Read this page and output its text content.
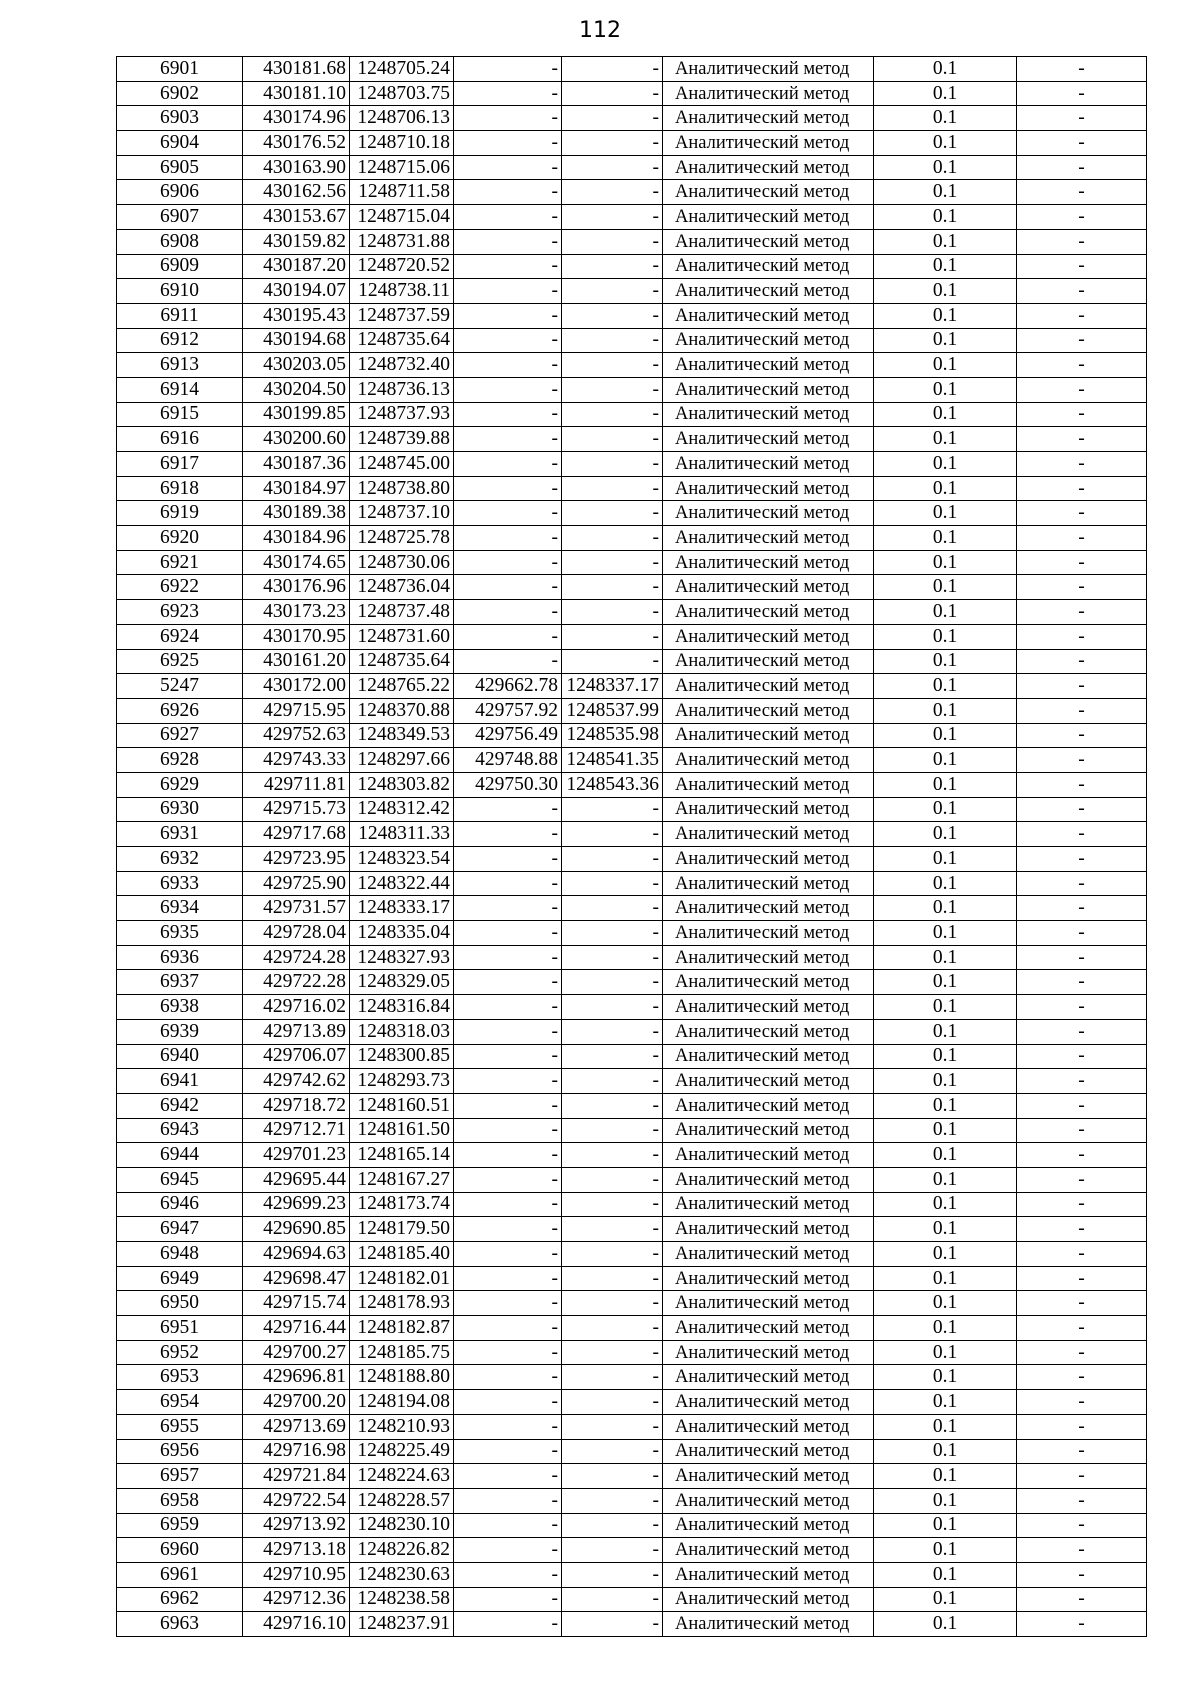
112
6901	430181.68	1248705.24	-	-	Аналитический метод	0.1	-
6902	430181.10	1248703.75	-	-	Аналитический метод	0.1	-
6903	430174.96	1248706.13	-	-	Аналитический метод	0.1	-
6904	430176.52	1248710.18	-	-	Аналитический метод	0.1	-
6905	430163.90	1248715.06	-	-	Аналитический метод	0.1	-
6906	430162.56	1248711.58	-	-	Аналитический метод	0.1	-
6907	430153.67	1248715.04	-	-	Аналитический метод	0.1	-
6908	430159.82	1248731.88	-	-	Аналитический метод	0.1	-
6909	430187.20	1248720.52	-	-	Аналитический метод	0.1	-
6910	430194.07	1248738.11	-	-	Аналитический метод	0.1	-
6911	430195.43	1248737.59	-	-	Аналитический метод	0.1	-
6912	430194.68	1248735.64	-	-	Аналитический метод	0.1	-
6913	430203.05	1248732.40	-	-	Аналитический метод	0.1	-
6914	430204.50	1248736.13	-	-	Аналитический метод	0.1	-
6915	430199.85	1248737.93	-	-	Аналитический метод	0.1	-
6916	430200.60	1248739.88	-	-	Аналитический метод	0.1	-
6917	430187.36	1248745.00	-	-	Аналитический метод	0.1	-
6918	430184.97	1248738.80	-	-	Аналитический метод	0.1	-
6919	430189.38	1248737.10	-	-	Аналитический метод	0.1	-
6920	430184.96	1248725.78	-	-	Аналитический метод	0.1	-
6921	430174.65	1248730.06	-	-	Аналитический метод	0.1	-
6922	430176.96	1248736.04	-	-	Аналитический метод	0.1	-
6923	430173.23	1248737.48	-	-	Аналитический метод	0.1	-
6924	430170.95	1248731.60	-	-	Аналитический метод	0.1	-
6925	430161.20	1248735.64	-	-	Аналитический метод	0.1	-
5247	430172.00	1248765.22	429662.78	1248337.17	Аналитический метод	0.1	-
6926	429715.95	1248370.88	429757.92	1248537.99	Аналитический метод	0.1	-
6927	429752.63	1248349.53	429756.49	1248535.98	Аналитический метод	0.1	-
6928	429743.33	1248297.66	429748.88	1248541.35	Аналитический метод	0.1	-
6929	429711.81	1248303.82	429750.30	1248543.36	Аналитический метод	0.1	-
6930	429715.73	1248312.42	-	-	Аналитический метод	0.1	-
6931	429717.68	1248311.33	-	-	Аналитический метод	0.1	-
6932	429723.95	1248323.54	-	-	Аналитический метод	0.1	-
6933	429725.90	1248322.44	-	-	Аналитический метод	0.1	-
6934	429731.57	1248333.17	-	-	Аналитический метод	0.1	-
6935	429728.04	1248335.04	-	-	Аналитический метод	0.1	-
6936	429724.28	1248327.93	-	-	Аналитический метод	0.1	-
6937	429722.28	1248329.05	-	-	Аналитический метод	0.1	-
6938	429716.02	1248316.84	-	-	Аналитический метод	0.1	-
6939	429713.89	1248318.03	-	-	Аналитический метод	0.1	-
6940	429706.07	1248300.85	-	-	Аналитический метод	0.1	-
6941	429742.62	1248293.73	-	-	Аналитический метод	0.1	-
6942	429718.72	1248160.51	-	-	Аналитический метод	0.1	-
6943	429712.71	1248161.50	-	-	Аналитический метод	0.1	-
6944	429701.23	1248165.14	-	-	Аналитический метод	0.1	-
6945	429695.44	1248167.27	-	-	Аналитический метод	0.1	-
6946	429699.23	1248173.74	-	-	Аналитический метод	0.1	-
6947	429690.85	1248179.50	-	-	Аналитический метод	0.1	-
6948	429694.63	1248185.40	-	-	Аналитический метод	0.1	-
6949	429698.47	1248182.01	-	-	Аналитический метод	0.1	-
6950	429715.74	1248178.93	-	-	Аналитический метод	0.1	-
6951	429716.44	1248182.87	-	-	Аналитический метод	0.1	-
6952	429700.27	1248185.75	-	-	Аналитический метод	0.1	-
6953	429696.81	1248188.80	-	-	Аналитический метод	0.1	-
6954	429700.20	1248194.08	-	-	Аналитический метод	0.1	-
6955	429713.69	1248210.93	-	-	Аналитический метод	0.1	-
6956	429716.98	1248225.49	-	-	Аналитический метод	0.1	-
6957	429721.84	1248224.63	-	-	Аналитический метод	0.1	-
6958	429722.54	1248228.57	-	-	Аналитический метод	0.1	-
6959	429713.92	1248230.10	-	-	Аналитический метод	0.1	-
6960	429713.18	1248226.82	-	-	Аналитический метод	0.1	-
6961	429710.95	1248230.63	-	-	Аналитический метод	0.1	-
6962	429712.36	1248238.58	-	-	Аналитический метод	0.1	-
6963	429716.10	1248237.91	-	-	Аналитический метод	0.1	-
